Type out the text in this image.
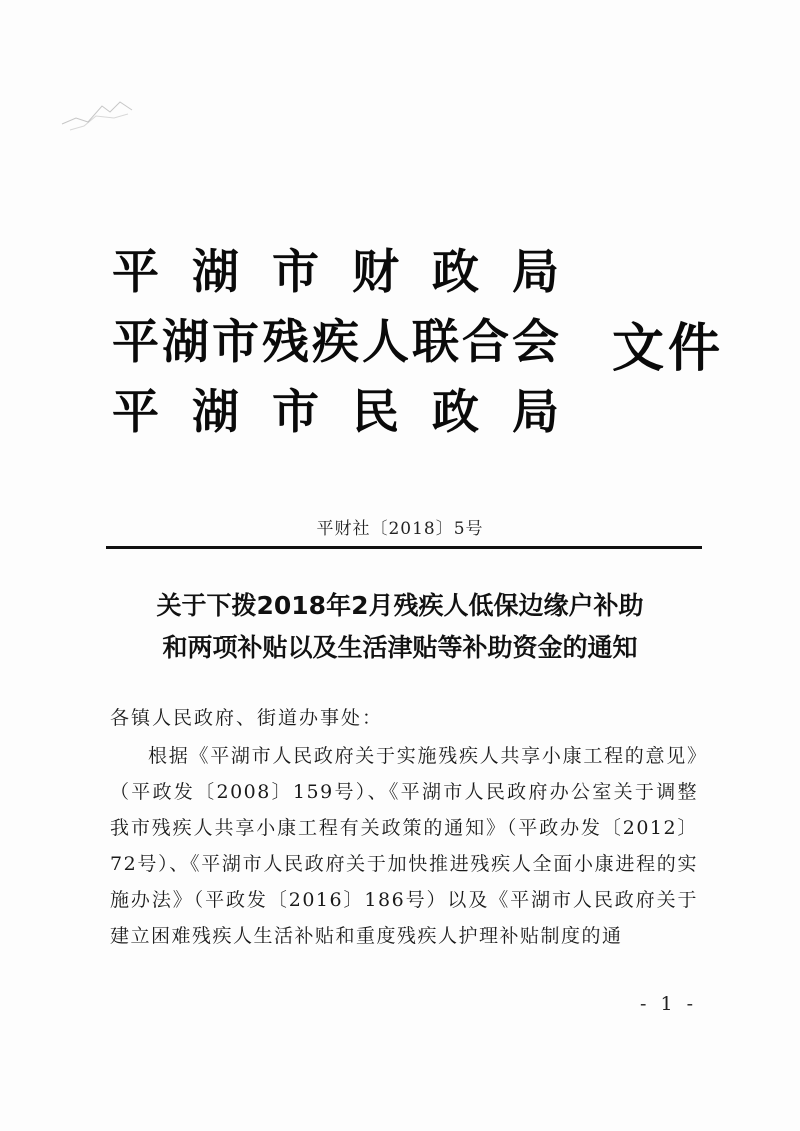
平湖市财政局
平湖市残疾人联合会
平湖市民政局
文件
平财社〔2018〕5号
关于下拨2018年2月残疾人低保边缘户补助
和两项补贴以及生活津贴等补助资金的通知
各镇人民政府、街道办事处：

根据《平湖市人民政府关于实施残疾人共享小康工程的意见》（平政发〔2008〕159号）、《平湖市人民政府办公室关于调整我市残疾人共享小康工程有关政策的通知》（平政办发〔2012〕72号）、《平湖市人民政府关于加快推进残疾人全面小康进程的实施办法》（平政发〔2016〕186号）以及《平湖市人民政府关于建立困难残疾人生活补贴和重度残疾人护理补贴制度的通

- 1 -
